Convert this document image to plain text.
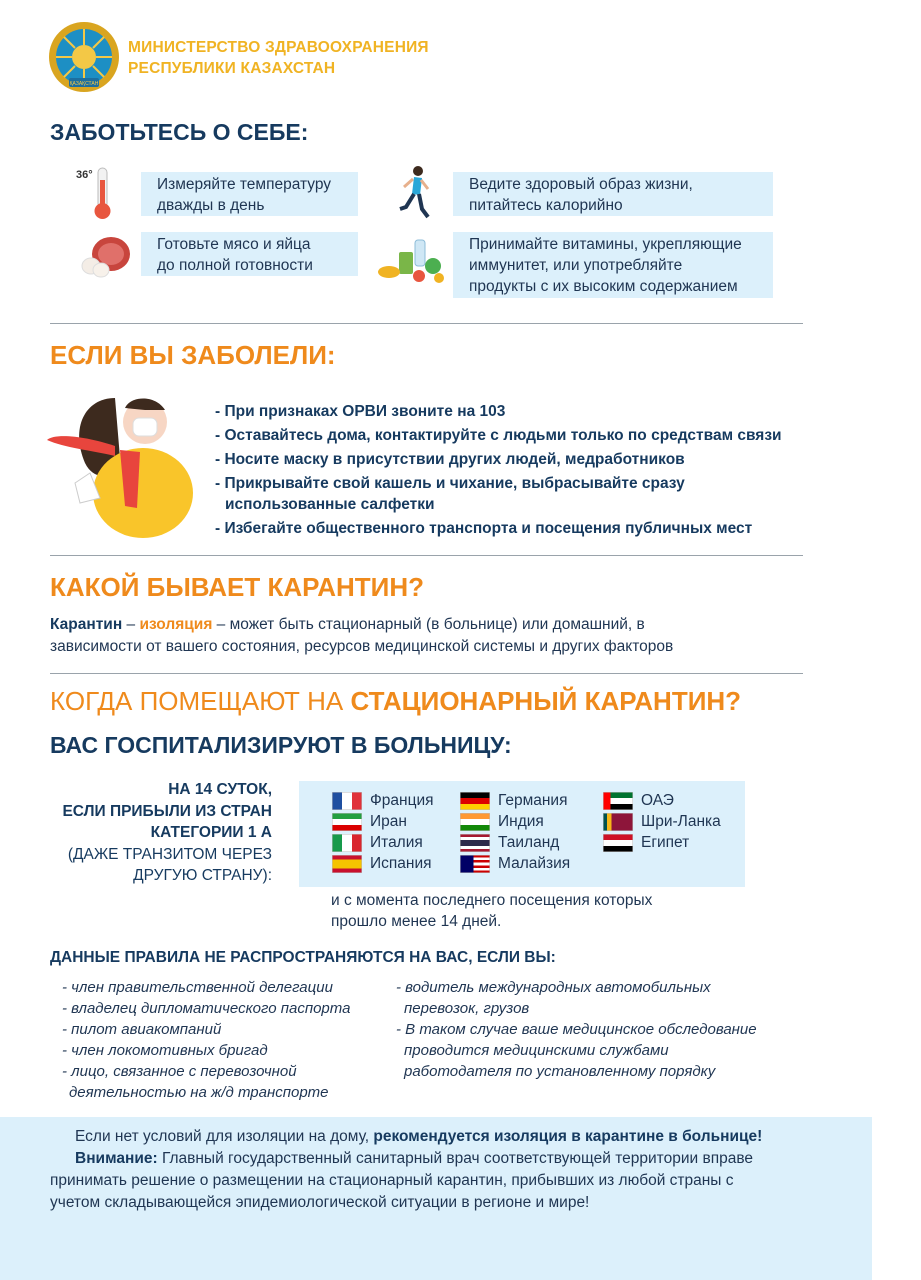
ҚАЗАҚСТАН
МИНИСТЕРСТВО ЗДРАВООХРАНЕНИЯ
РЕСПУБЛИКИ КАЗАХСТАН
ЗАБОТЬТЕСЬ О СЕБЕ:
36°
Измеряйте температуру
дважды в день
Ведите здоровый образ жизни,
питайтесь калорийно
Готовьте мясо и яйца
до полной готовности
Принимайте витамины, укрепляющие
иммунитет, или употребляйте
продукты с их высоким содержанием
ЕСЛИ ВЫ ЗАБОЛЕЛИ:
- При признаках ОРВИ звоните на 103
- Оставайтесь дома, контактируйте с людьми только по средствам связи
- Носите маску в присутствии других людей, медработников
- Прикрывайте свой кашель и чихание, выбрасывайте сразу
использованные салфетки
- Избегайте общественного транспорта и посещения публичных мест
КАКОЙ БЫВАЕТ КАРАНТИН?
Карантин – изоляция – может быть стационарный (в больнице) или домашний, в
зависимости от вашего состояния, ресурсов медицинской системы и других факторов
КОГДА ПОМЕЩАЮТ НА СТАЦИОНАРНЫЙ КАРАНТИН?
ВАС ГОСПИТАЛИЗИРУЮТ В БОЛЬНИЦУ:
НА 14 СУТОК,
ЕСЛИ ПРИБЫЛИ ИЗ СТРАН
КАТЕГОРИИ 1 А
(ДАЖЕ ТРАНЗИТОМ ЧЕРЕЗ
ДРУГУЮ СТРАНУ):
Франция
Иран
Италия
Испания
Германия
Индия
Таиланд
Малайзия
ОАЭ
Шри-Ланка
Египет
и с момента последнего посещения которых
прошло менее 14 дней.
ДАННЫЕ ПРАВИЛА НЕ РАСПРОСТРАНЯЮТСЯ НА ВАС, ЕСЛИ ВЫ:
- член правительственной делегации
- владелец дипломатического паспорта
- пилот авиакомпаний
- член локомотивных бригад
- лицо, связанное с перевозочной
деятельностью на ж/д транспорте
- водитель международных автомобильных
перевозок, грузов
- В таком случае ваше медицинское обследование
проводится медицинскими службами
работодателя по установленному порядку

Если нет условий для изоляции на дому, рекомендуется изоляция в карантине в больнице!

Внимание: Главный государственный санитарный врач соответствующей территории вправе

принимать решение о размещении на стационарный карантин, прибывших из любой страны с

учетом складывающейся эпидемиологической ситуации в регионе и мире!
